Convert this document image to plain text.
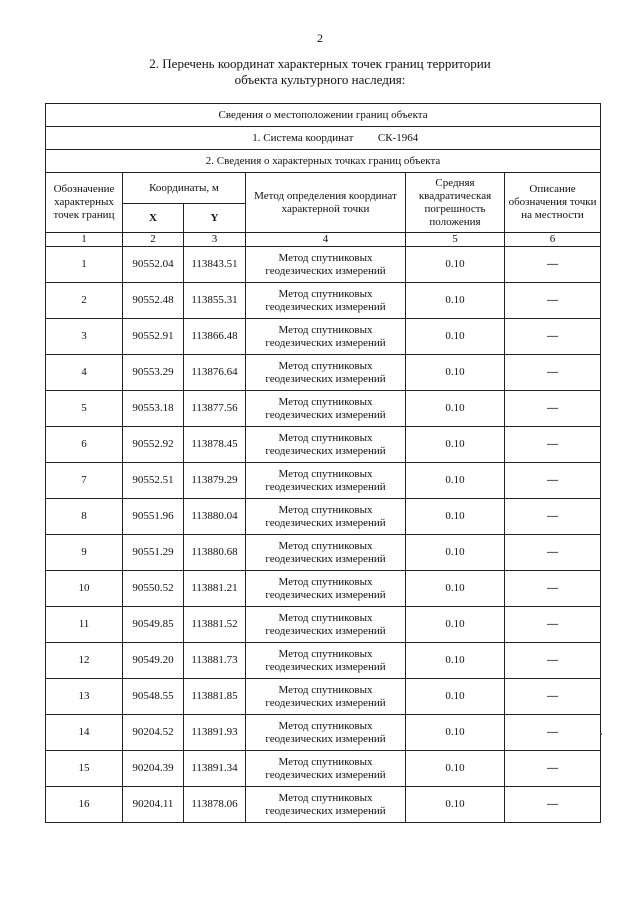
2
2. Перечень координат характерных точек границ территории
объекта культурного наследия:
Сведения о местоположении границ объекта					
1. Система координат СК-1964					
2. Сведения о характерных точках границ объекта					
Обозначение характерных точек границ	Координаты, м		Метод определения координат характерной точки	Средняя квадратическая погрешность положения	Описание обозначения точки на местности
	X	Y			
1	2	3	4	5	6
1	90552.04	113843.51	Метод спутниковых геодезических измерений	0.10	—
2	90552.48	113855.31	Метод спутниковых геодезических измерений	0.10	—
3	90552.91	113866.48	Метод спутниковых геодезических измерений	0.10	—
4	90553.29	113876.64	Метод спутниковых геодезических измерений	0.10	—
5	90553.18	113877.56	Метод спутниковых геодезических измерений	0.10	—
6	90552.92	113878.45	Метод спутниковых геодезических измерений	0.10	—
7	90552.51	113879.29	Метод спутниковых геодезических измерений	0.10	—
8	90551.96	113880.04	Метод спутниковых геодезических измерений	0.10	—
9	90551.29	113880.68	Метод спутниковых геодезических измерений	0.10	—
10	90550.52	113881.21	Метод спутниковых геодезических измерений	0.10	—
11	90549.85	113881.52	Метод спутниковых геодезических измерений	0.10	—
12	90549.20	113881.73	Метод спутниковых геодезических измерений	0.10	—
13	90548.55	113881.85	Метод спутниковых геодезических измерений	0.10	—
14	90204.52	113891.93	Метод спутниковых геодезических измерений	0.10	—
15	90204.39	113891.34	Метод спутниковых геодезических измерений	0.10	—
16	90204.11	113878.06	Метод спутниковых геодезических измерений	0.10	—
